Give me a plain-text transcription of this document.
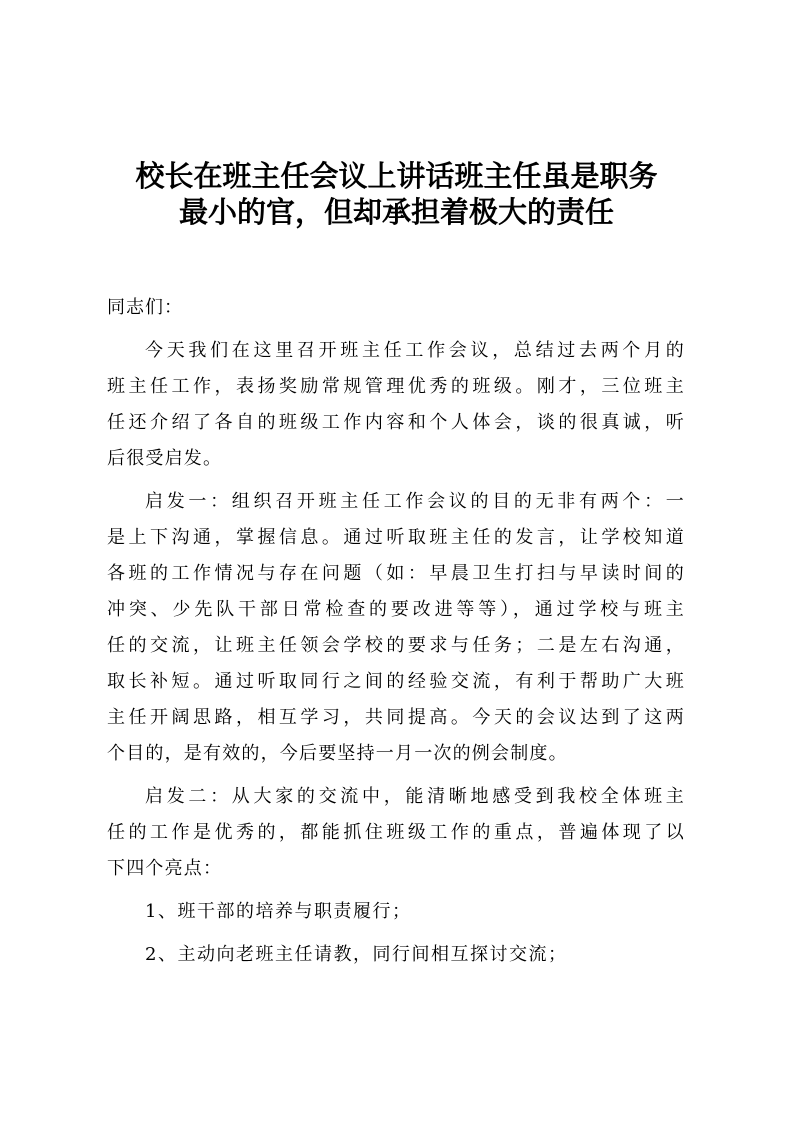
校长在班主任会议上讲话班主任虽是职务
最小的官，但却承担着极大的责任

同志们：

今天我们在这里召开班主任工作会议，总结过去两个月的
班主任工作，表扬奖励常规管理优秀的班级。刚才，三位班主
任还介绍了各自的班级工作内容和个人体会，谈的很真诚，听
后很受启发。

启发一：组织召开班主任工作会议的目的无非有两个：一
是上下沟通，掌握信息。通过听取班主任的发言，让学校知道
各班的工作情况与存在问题（如：早晨卫生打扫与早读时间的
冲突、少先队干部日常检查的要改进等等），通过学校与班主
任的交流，让班主任领会学校的要求与任务；二是左右沟通，
取长补短。通过听取同行之间的经验交流，有利于帮助广大班
主任开阔思路，相互学习，共同提高。今天的会议达到了这两
个目的，是有效的，今后要坚持一月一次的例会制度。

启发二：从大家的交流中，能清晰地感受到我校全体班主
任的工作是优秀的，都能抓住班级工作的重点，普遍体现了以
下四个亮点：

1、班干部的培养与职责履行；

2、主动向老班主任请教，同行间相互探讨交流；
